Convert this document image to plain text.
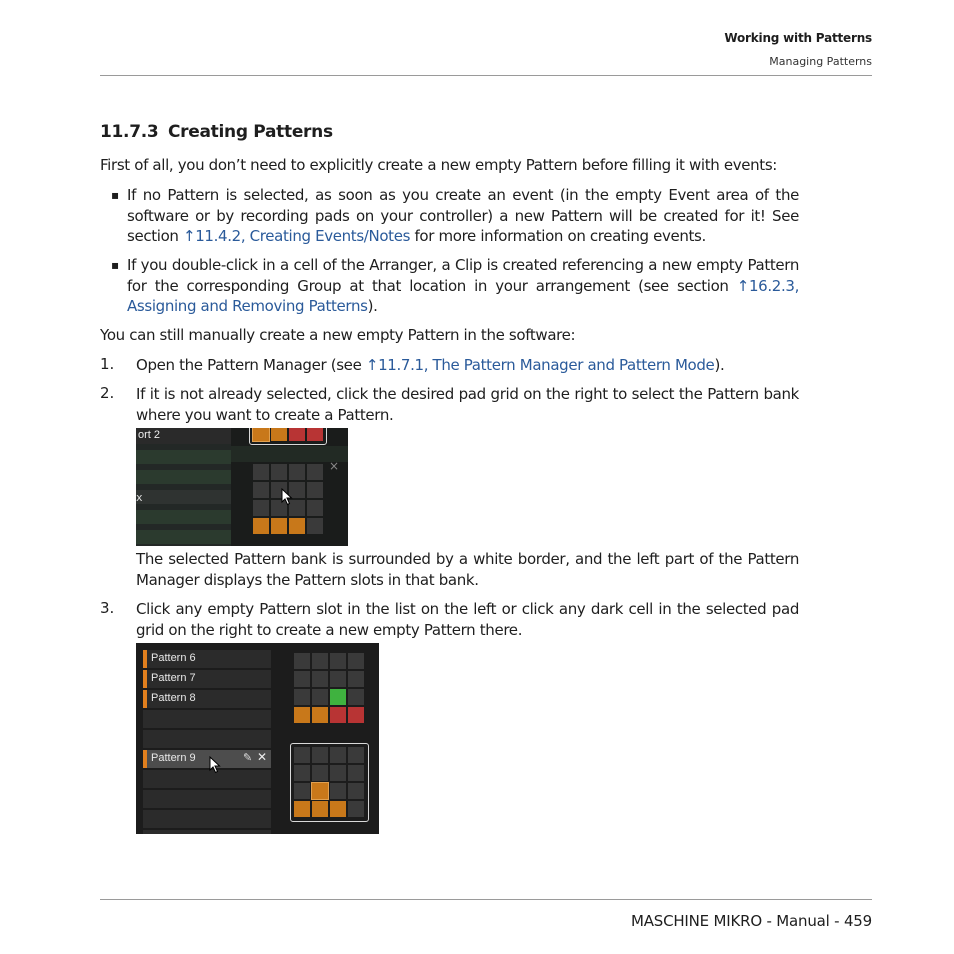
Working with Patterns
Managing Patterns
11.7.3 Creating Patterns
First of all, you don’t need to explicitly create a new empty Pattern before filling it with events:
▪ If no Pattern is selected, as soon as you create an event (in the empty Event area of the software or by recording pads on your controller) a new Pattern will be created for it! See section ↑11.4.2, Creating Events/Notes for more information on creating events.
▪ If you double-click in a cell of the Arranger, a Clip is created referencing a new empty Pattern for the corresponding Group at that location in your arrangement (see section ↑16.2.3, Assigning and Removing Patterns).
You can still manually create a new empty Pattern in the software:
1. Open the Pattern Manager (see ↑11.7.1, The Pattern Manager and Pattern Mode).
2. If it is not already selected, click the desired pad grid on the right to select the Pattern bank where you want to create a Pattern.
ort 2
x
×
The selected Pattern bank is surrounded by a white border, and the left part of the Pattern Manager displays the Pattern slots in that bank.
3. Click any empty Pattern slot in the list on the left or click any dark cell in the selected pad grid on the right to create a new empty Pattern there.
Pattern 6
Pattern 7
Pattern 8
Pattern 9	✎ ✕
MASCHINE MIKRO - Manual - 459
